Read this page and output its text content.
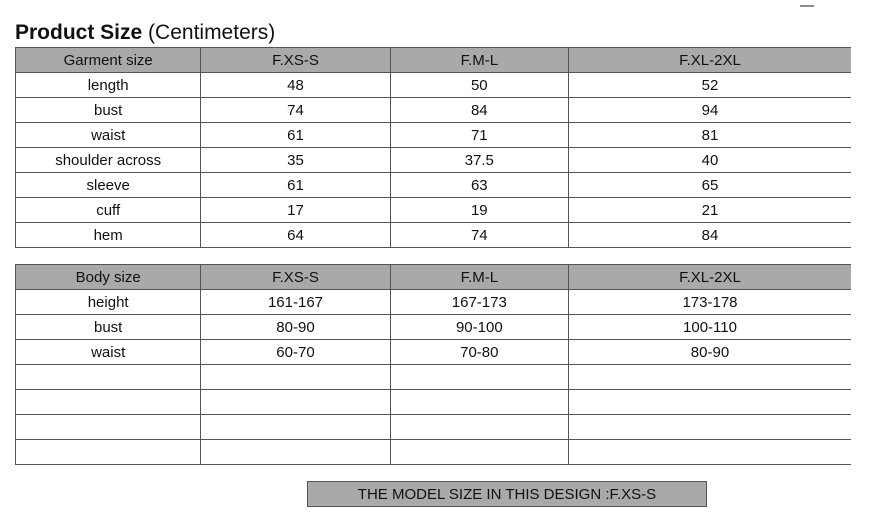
Product Size (Centimeters)
Garment size	F.XS-S	F.M-L	F.XL-2XL
length	48	50	52
bust	74	84	94
waist	61	71	81
shoulder across	35	37.5	40
sleeve	61	63	65
cuff	17	19	21
hem	64	74	84
Body size	F.XS-S	F.M-L	F.XL-2XL
height	161-167	167-173	173-178
bust	80-90	90-100	100-110
waist	60-70	70-80	80-90

THE MODEL SIZE IN THIS DESIGN :F.XS-S
